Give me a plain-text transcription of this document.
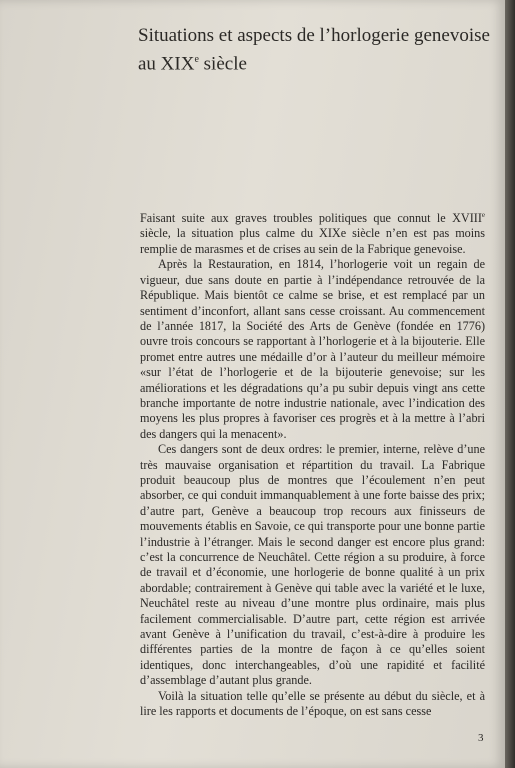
Situations et aspects de l’horlogerie genevoise
au XIXe siècle

Faisant suite aux graves troubles politiques que connut le XVIIIe siècle, la situation plus calme du XIXe siècle n’en est pas moins remplie de marasmes et de crises au sein de la Fabrique genevoise.

Après la Restauration, en 1814, l’horlogerie voit un regain de vigueur, due sans doute en partie à l’indépendance retrouvée de la République. Mais bientôt ce calme se brise, et est remplacé par un sentiment d’inconfort, allant sans cesse croissant. Au commencement de l’année 1817, la Société des Arts de Genève (fondée en 1776) ouvre trois concours se rapportant à l’horlogerie et à la bijouterie. Elle promet entre autres une médaille d’or à l’auteur du meilleur mémoire «sur l’état de l’horlogerie et de la bijouterie genevoise; sur les améliorations et les dégradations qu’a pu subir depuis vingt ans cette branche importante de notre industrie nationale, avec l’indication des moyens les plus propres à favoriser ces progrès et à la mettre à l’abri des dangers qui la menacent».

Ces dangers sont de deux ordres: le premier, interne, relève d’une très mauvaise organisation et répartition du travail. La Fabrique produit beaucoup plus de montres que l’écoulement n’en peut absorber, ce qui conduit immanquablement à une forte baisse des prix; d’autre part, Genève a beaucoup trop recours aux finisseurs de mouvements établis en Savoie, ce qui transporte pour une bonne partie l’industrie à l’étranger. Mais le second danger est encore plus grand: c’est la concurrence de Neuchâtel. Cette région a su produire, à force de travail et d’économie, une horlogerie de bonne qualité à un prix abordable; contrairement à Genève qui table avec la variété et le luxe, Neuchâtel reste au niveau d’une montre plus ordinaire, mais plus facilement commercialisable. D’autre part, cette région est arrivée avant Genève à l’unification du travail, c’est-à-dire à produire les différentes parties de la montre de façon à ce qu’elles soient identiques, donc interchangeables, d’où une rapidité et facilité d’assemblage d’autant plus grande.

Voilà la situation telle qu’elle se présente au début du siècle, et à lire les rapports et documents de l’époque, on est sans cesse

3
